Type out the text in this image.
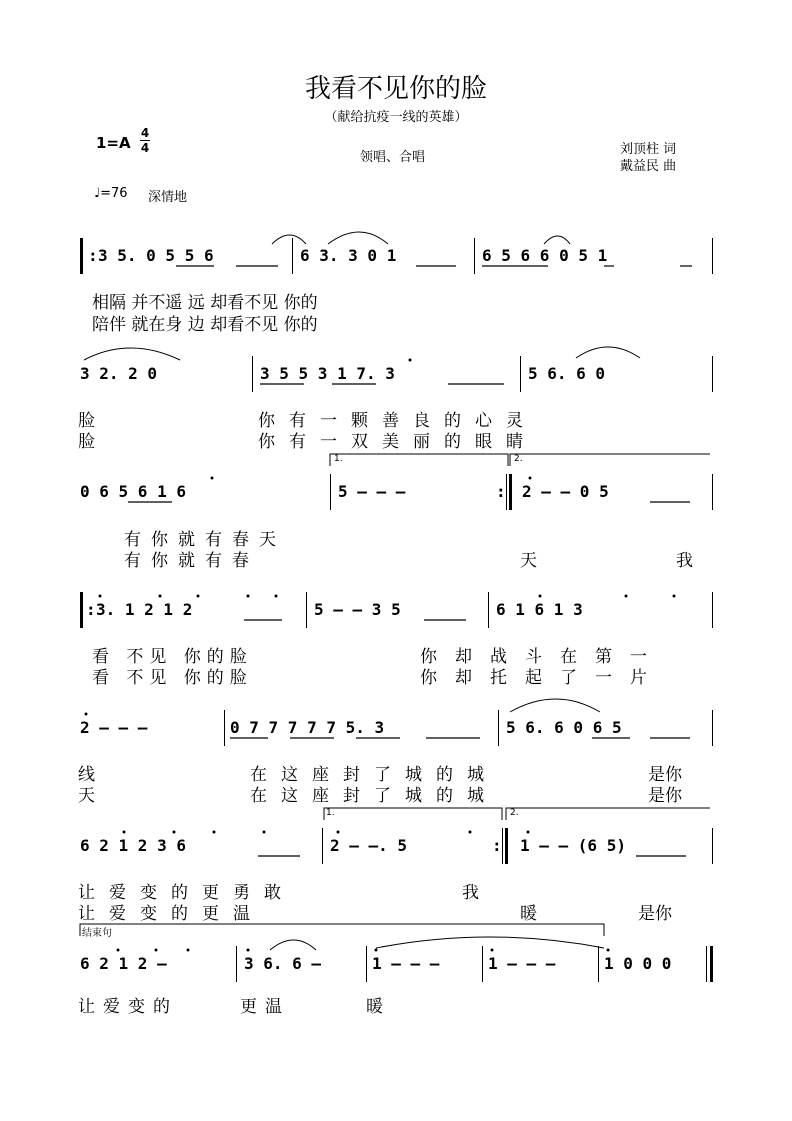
我看不见你的脸
（献给抗疫一线的英雄）
1=A
4
4
领唱、合唱
刘顶柱 词
戴益民 曲
♩=76 深情地
: 3 5. 0 5 5 6	6 3. 3 0 1	6 5 6 6 0 5 1
相隔 并不遥 远 却看不见 你的
陪伴 就在身 边 却看不见 你的
3 2. 2 0	3 5 5 3 1 7. 3	5 6. 6 0
脸	你有一颗善良的心灵
脸	你有一双美丽的眼睛
0 6 5 6 1 6
1.
5 – – –	:
2.
2 – – 0 5
有你就有春天
有你就有春	天	我
: 3. 1 2 1 2	5 – – 3 5	6 1 6 1 3
看 不见 你的脸	你却战斗在第一
看 不见 你的脸	你却托起了一片
2 – – –	0 7 7 7 7 7 5. 3	5 6. 6 0 6 5
线	在这座封了城的城	是你
天	在这座封了城的城	是你
6 2 1 2 3 6
1.
2 – –. 5	:
2.
1 – – (6 5)
让爱变的更勇敢	我
让爱变的更温	暖	是你
结束句
6 2 1 2 –	3 6. 6 –	1 – – –	1 – – –	1 0 0 0
让爱变的	更温	暖
